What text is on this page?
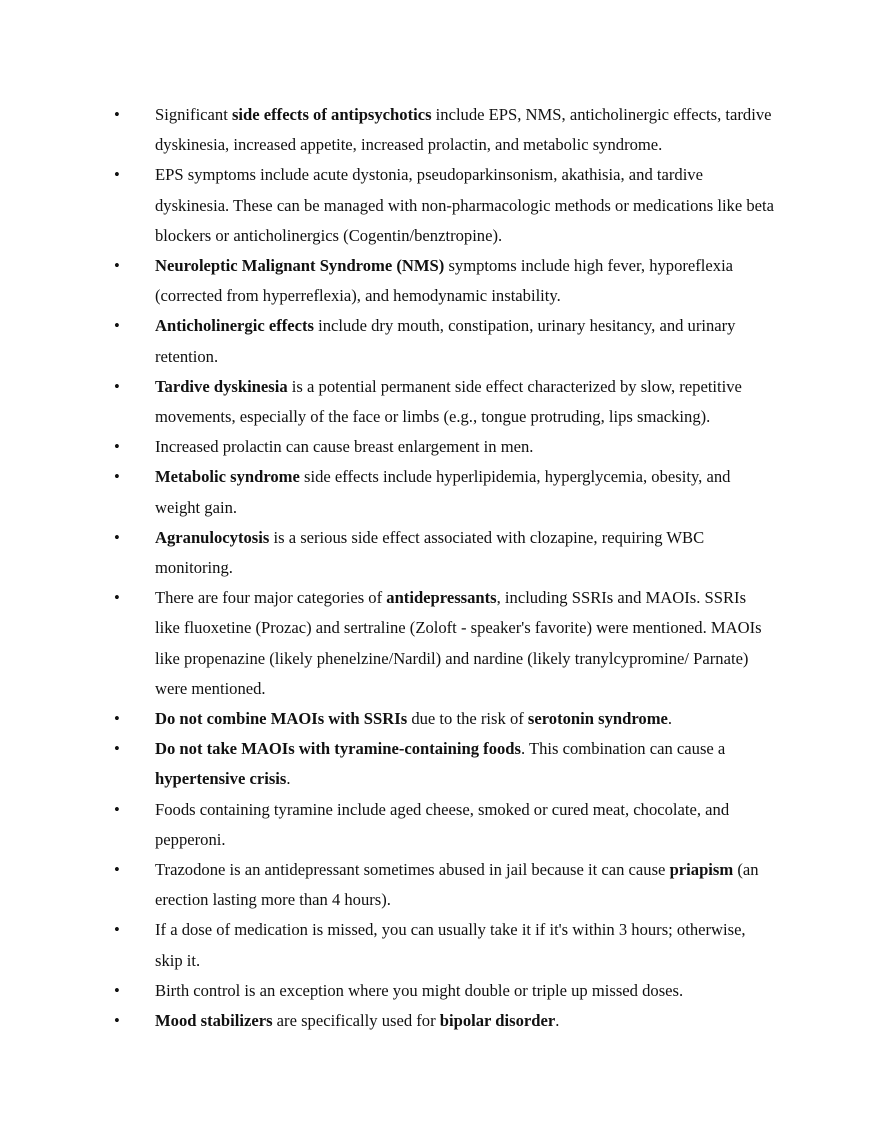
•	Significant side effects of antipsychotics include EPS, NMS, anticholinergic effects, tardive dyskinesia, increased appetite, increased prolactin, and metabolic syndrome.
•	EPS symptoms include acute dystonia, pseudoparkinsonism, akathisia, and tardive dyskinesia. These can be managed with non-pharmacologic methods or medications like beta blockers or anticholinergics (Cogentin/benztropine).
•	Neuroleptic Malignant Syndrome (NMS) symptoms include high fever, hyporeflexia (corrected from hyperreflexia), and hemodynamic instability.
•	Anticholinergic effects include dry mouth, constipation, urinary hesitancy, and urinary retention.
•	Tardive dyskinesia is a potential permanent side effect characterized by slow, repetitive movements, especially of the face or limbs (e.g., tongue protruding, lips smacking).
•	Increased prolactin can cause breast enlargement in men.
•	Metabolic syndrome side effects include hyperlipidemia, hyperglycemia, obesity, and weight gain.
•	Agranulocytosis is a serious side effect associated with clozapine, requiring WBC monitoring.
•	There are four major categories of antidepressants, including SSRIs and MAOIs. SSRIs like fluoxetine (Prozac) and sertraline (Zoloft - speaker's favorite) were mentioned. MAOIs like propenazine (likely phenelzine/Nardil) and nardine (likely tranylcypromine/ Parnate) were mentioned.
•	Do not combine MAOIs with SSRIs due to the risk of serotonin syndrome.
•	Do not take MAOIs with tyramine-containing foods. This combination can cause a hypertensive crisis.
•	Foods containing tyramine include aged cheese, smoked or cured meat, chocolate, and pepperoni.
•	Trazodone is an antidepressant sometimes abused in jail because it can cause priapism (an erection lasting more than 4 hours).
•	If a dose of medication is missed, you can usually take it if it's within 3 hours; otherwise, skip it.
•	Birth control is an exception where you might double or triple up missed doses.
•	Mood stabilizers are specifically used for bipolar disorder.
